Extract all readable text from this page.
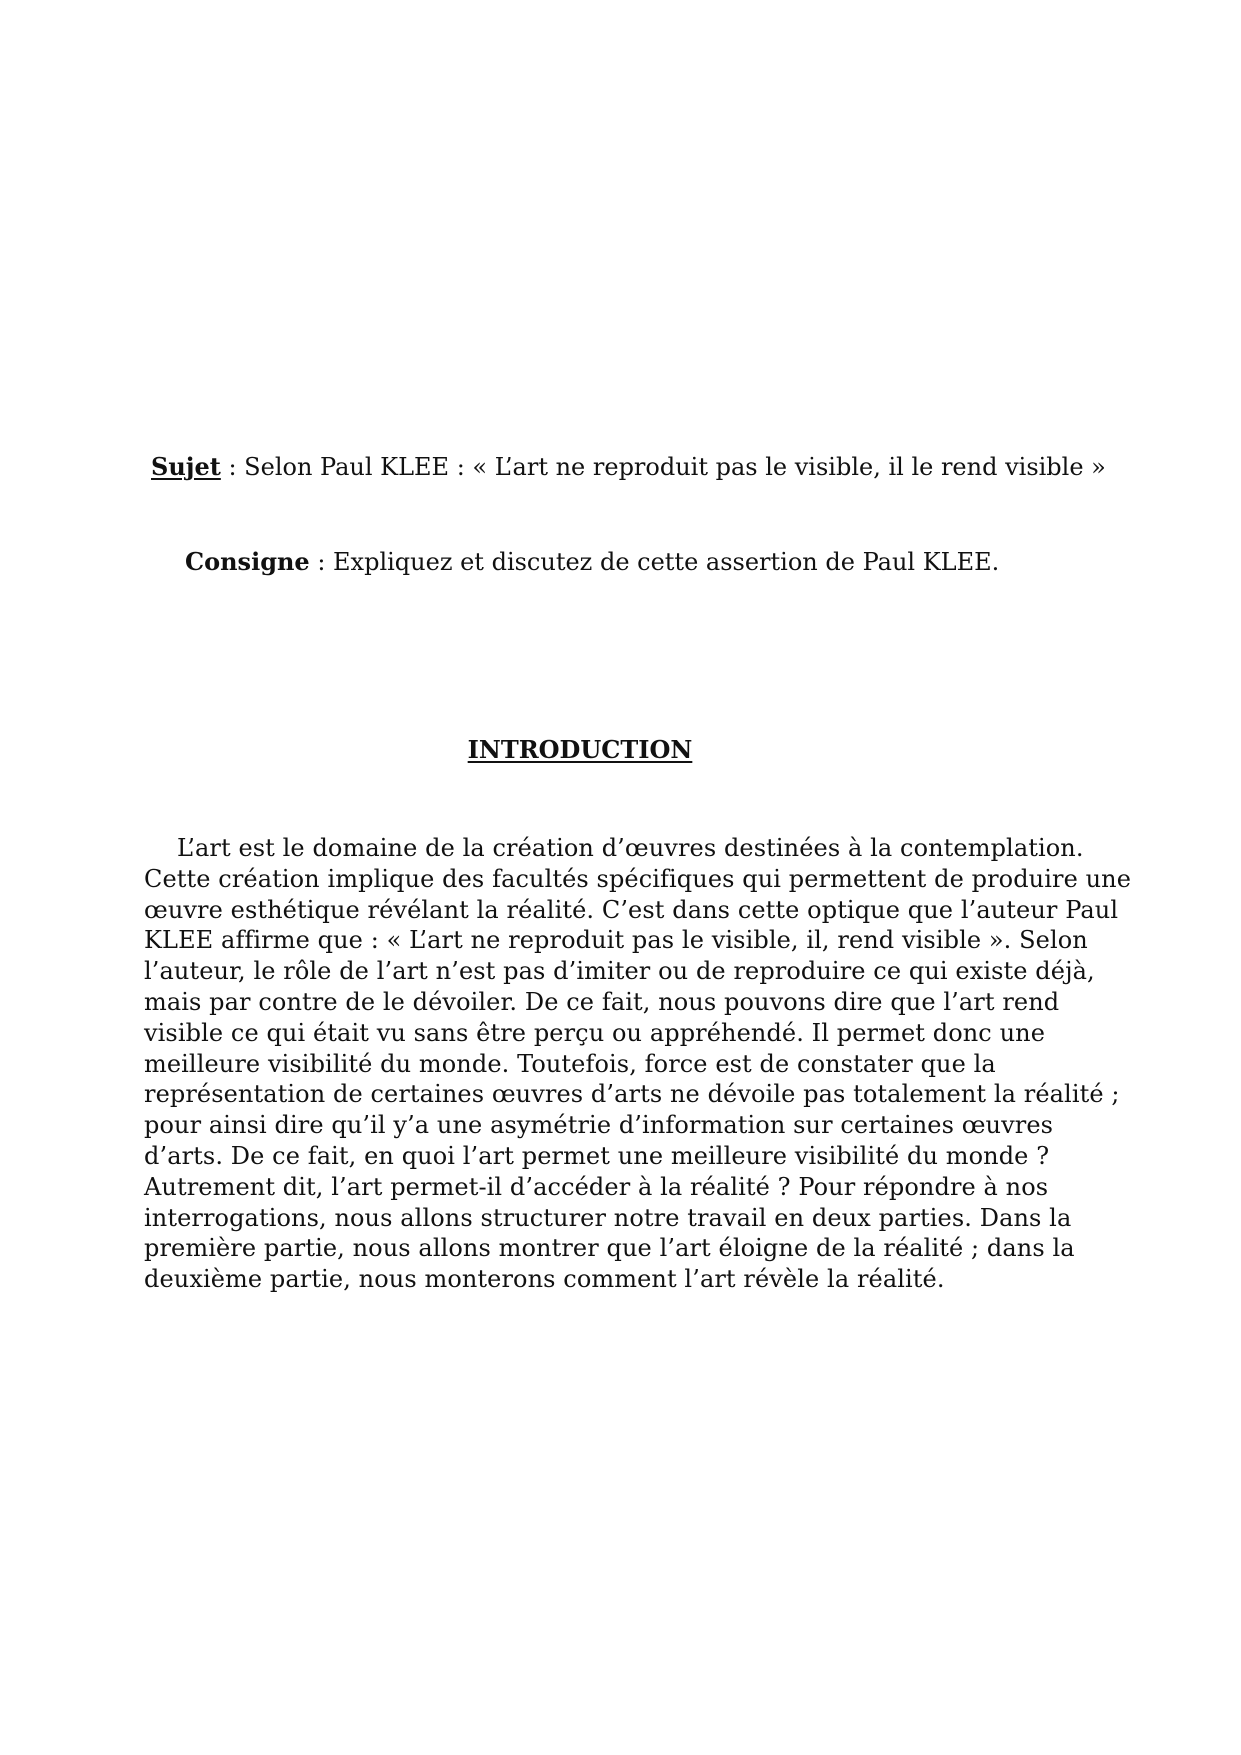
Sujet : Selon Paul KLEE : « L’art ne reproduit pas le visible, il le rend visible »
Consigne : Expliquez et discutez de cette assertion de Paul KLEE.
INTRODUCTION
L’art est le domaine de la création d’œuvres destinées à la contemplation.
Cette création implique des facultés spécifiques qui permettent de produire une
œuvre esthétique révélant la réalité. C’est dans cette optique que l’auteur Paul
KLEE affirme que : « L’art ne reproduit pas le visible, il, rend visible ». Selon
l’auteur, le rôle de l’art n’est pas d’imiter ou de reproduire ce qui existe déjà,
mais par contre de le dévoiler. De ce fait, nous pouvons dire que l’art rend
visible ce qui était vu sans être perçu ou appréhendé. Il permet donc une
meilleure visibilité du monde. Toutefois, force est de constater que la
représentation de certaines œuvres d’arts ne dévoile pas totalement la réalité ;
pour ainsi dire qu’il y’a une asymétrie d’information sur certaines œuvres
d’arts. De ce fait, en quoi l’art permet une meilleure visibilité du monde ?
Autrement dit, l’art permet-il d’accéder à la réalité ? Pour répondre à nos
interrogations, nous allons structurer notre travail en deux parties. Dans la
première partie, nous allons montrer que l’art éloigne de la réalité ; dans la
deuxième partie, nous monterons comment l’art révèle la réalité.
